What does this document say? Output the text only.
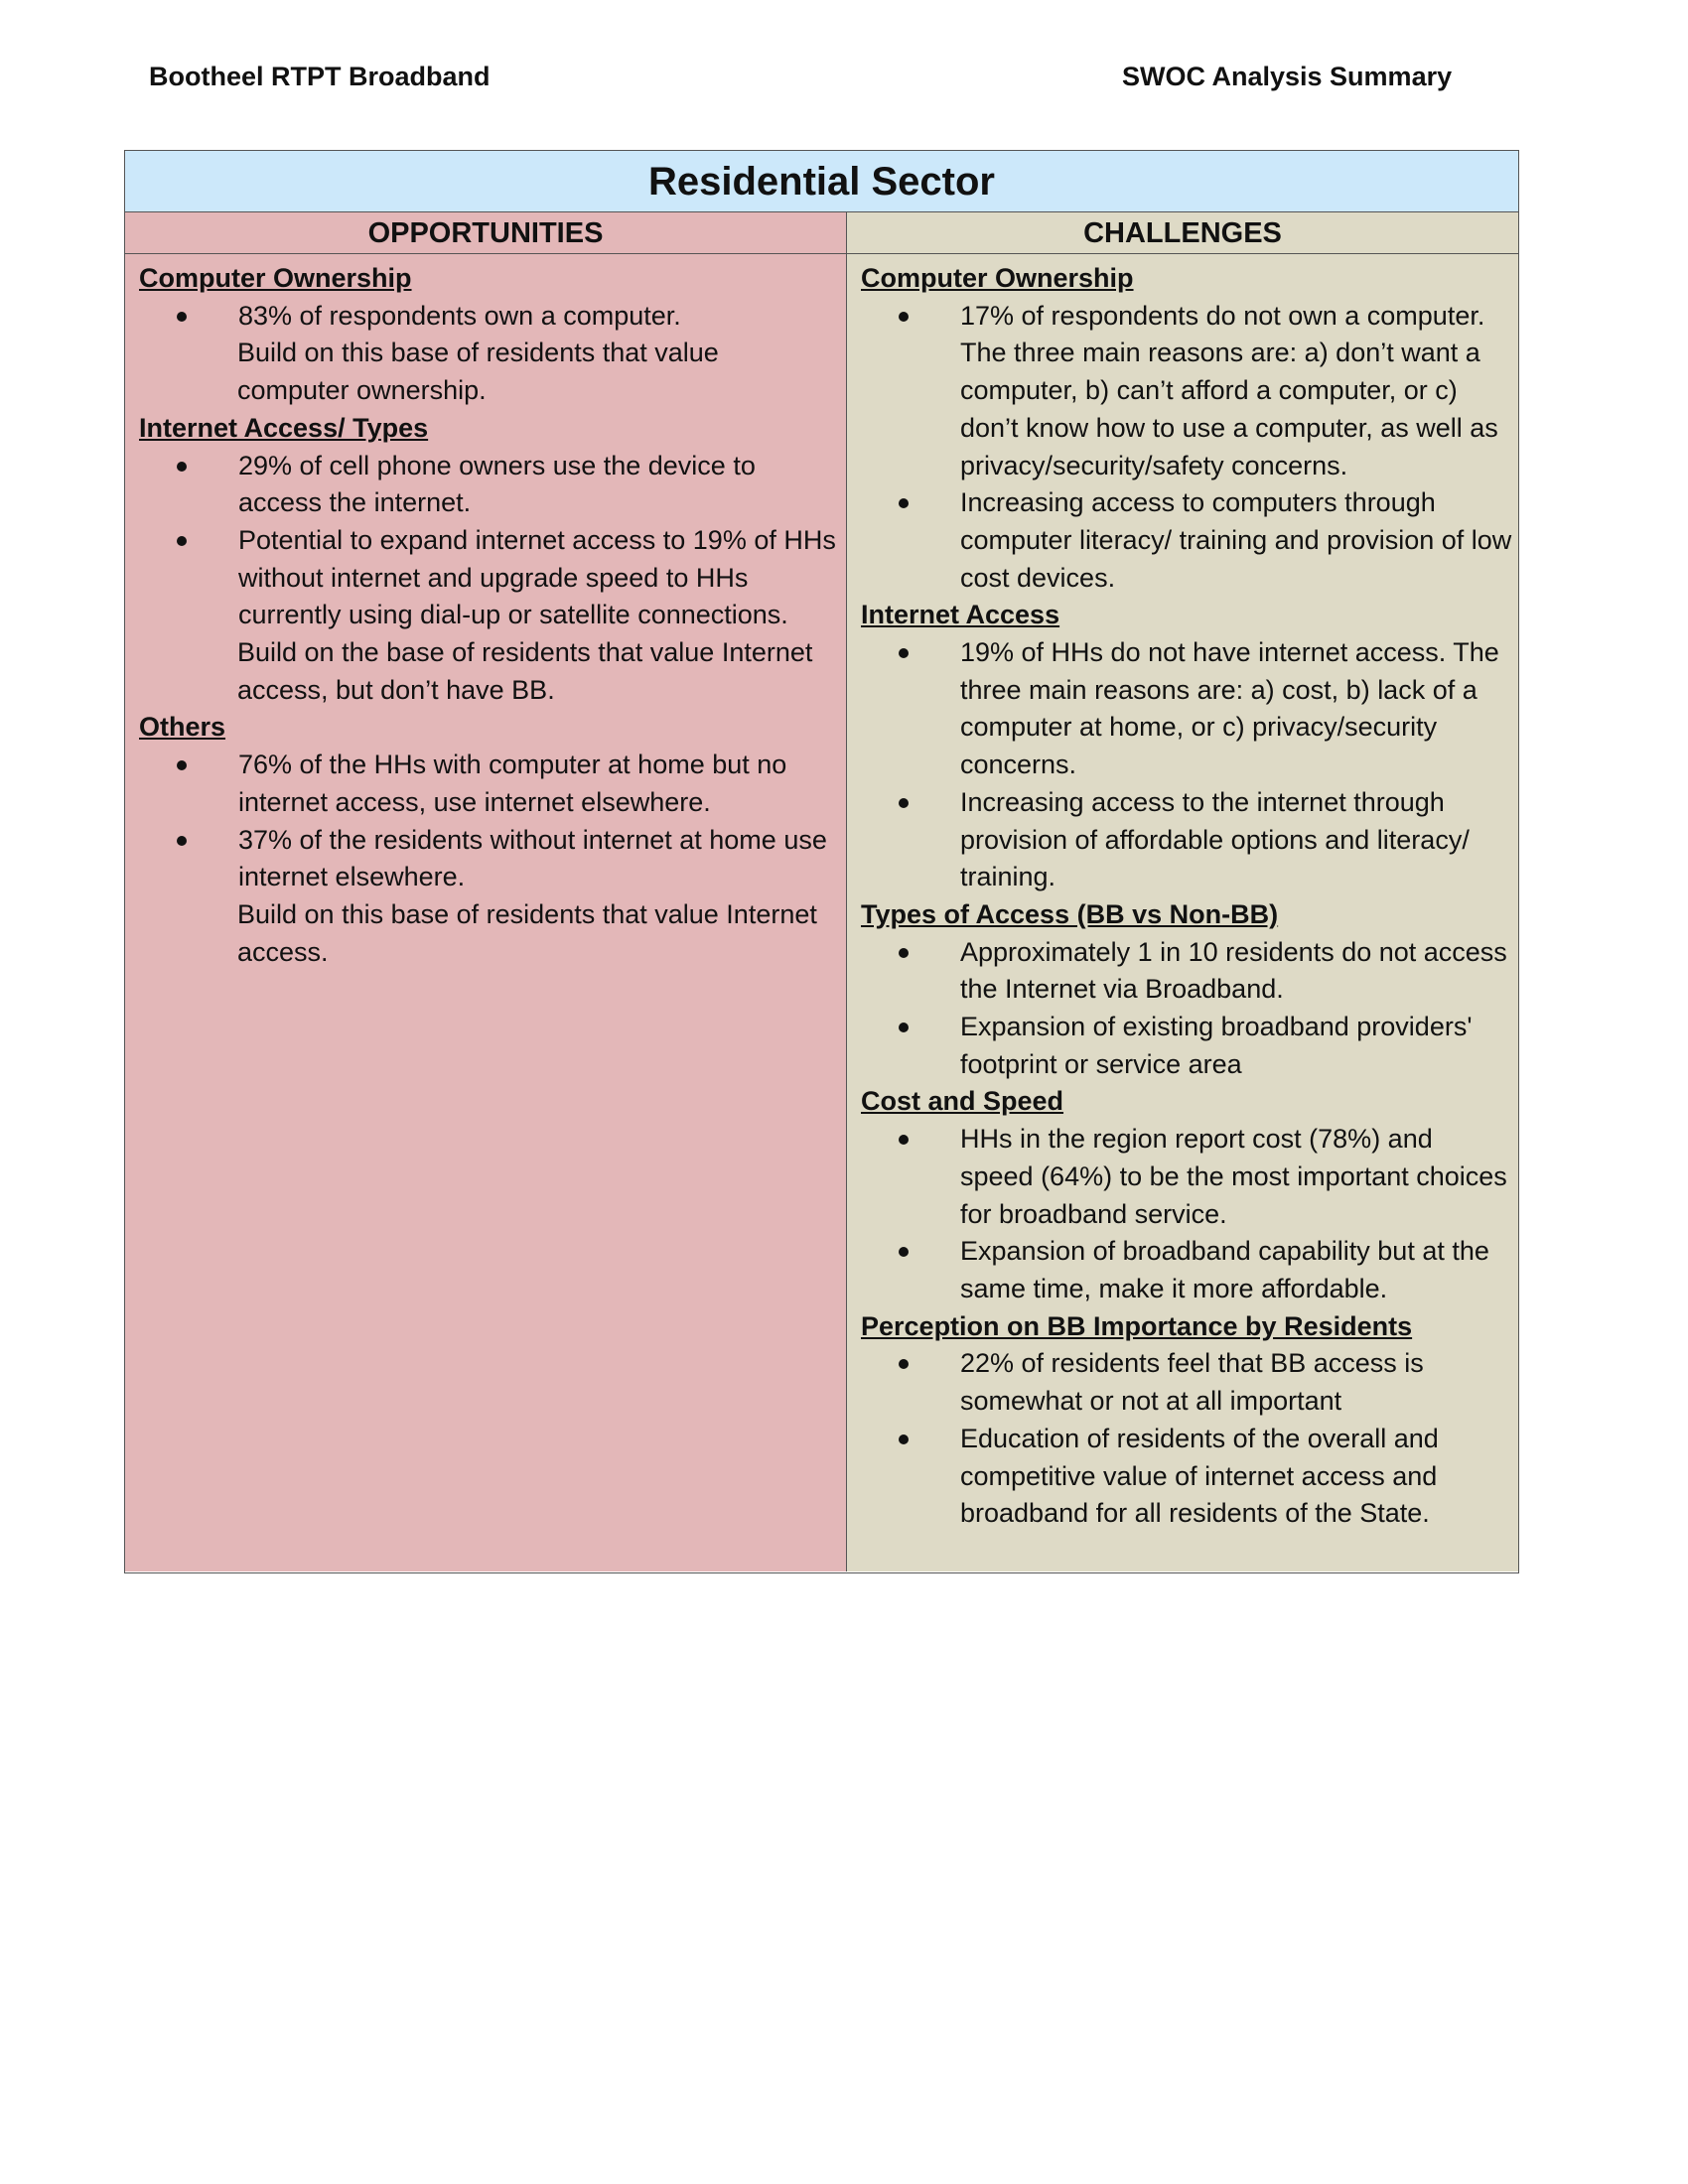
Bootheel RTPT Broadband	SWOC Analysis Summary
Residential Sector
OPPORTUNITIES	CHALLENGES
Computer Ownership
83% of respondents own a computer.

Build on this base of residents that value computer ownership.

Internet Access/ Types
29% of cell phone owners use the device to access the internet.
Potential to expand internet access to 19% of HHs without internet and upgrade speed to HHs currently using dial-up or satellite connections.

Build on the base of residents that value Internet access, but don’t have BB.

Others
76% of the HHs with computer at home but no internet access, use internet elsewhere.
37% of the residents without internet at home use internet elsewhere.

Build on this base of residents that value Internet access.

Computer Ownership
17% of respondents do not own a computer. The three main reasons are: a) don’t want a computer, b) can’t afford a computer, or c) don’t know how to use a computer, as well as privacy/security/safety concerns.
Increasing access to computers through computer literacy/ training and provision of low cost devices.
Internet Access
19% of HHs do not have internet access. The three main reasons are: a) cost, b) lack of a computer at home, or c) privacy/security concerns.
Increasing access to the internet through provision of affordable options and literacy/ training.
Types of Access (BB vs Non-BB)
Approximately 1 in 10 residents do not access the Internet via Broadband.
Expansion of existing broadband providers' footprint or service area
Cost and Speed
HHs in the region report cost (78%) and speed (64%) to be the most important choices for broadband service.
Expansion of broadband capability but at the same time, make it more affordable.
Perception on BB Importance by Residents
22% of residents feel that BB access is somewhat or not at all important
Education of residents of the overall and competitive value of internet access and broadband for all residents of the State.
